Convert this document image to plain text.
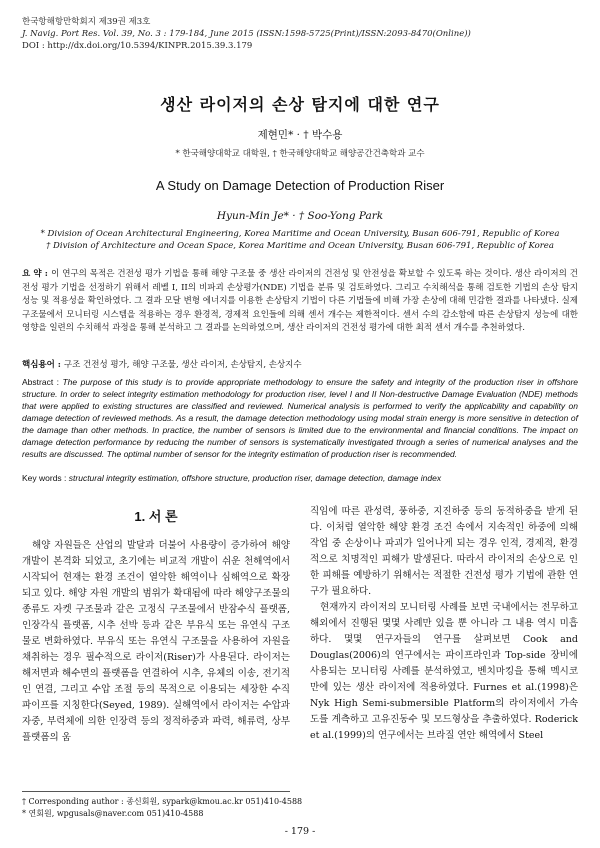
한국항해항만학회지 제39권 제3호
J. Navig. Port Res. Vol. 39, No. 3 : 179-184, June 2015 (ISSN:1598-5725(Print)/ISSN:2093-8470(Online))
DOI : http://dx.doi.org/10.5394/KINPR.2015.39.3.179
생산 라이저의 손상 탐지에 대한 연구
제현민* · † 박수용
* 한국해양대학교 대학원, † 한국해양대학교 해양공간건축학과 교수
A Study on Damage Detection of Production Riser
Hyun-Min Je* · † Soo-Yong Park
* Division of Ocean Architectural Engineering, Korea Maritime and Ocean University, Busan 606-791, Republic of Korea
† Division of Architecture and Ocean Space, Korea Maritime and Ocean University, Busan 606-791, Republic of Korea
요 약 : 이 연구의 목적은 건전성 평가 기법을 통해 해양 구조물 중 생산 라이저의 건전성 및 안전성을 확보할 수 있도록 하는 것이다. 생산 라이저의 건전성 평가 기법을 선정하기 위해서 레벨 I, II의 비파괴 손상평가(NDE) 기법을 분류 및 검토하였다. 그리고 수치해석을 통해 검토한 기법의 손상 탐지 성능 및 적용성을 확인하였다. 그 결과 모달 변형 에너지를 이용한 손상탐지 기법이 다른 기법들에 비해 가장 손상에 대해 민감한 결과를 나타냈다. 실제 구조물에서 모니터링 시스템을 적용하는 경우 환경적, 경제적 요인들에 의해 센서 개수는 제한적이다. 센서 수의 감소함에 따른 손상탐지 성능에 대한 영향을 일련의 수치해석 과정을 통해 분석하고 그 결과를 논의하였으며, 생산 라이저의 건전성 평가에 대한 최적 센서 개수를 추천하였다.
핵심용어 : 구조 건전성 평가, 해양 구조물, 생산 라이저, 손상탐지, 손상지수
Abstract : The purpose of this study is to provide appropriate methodology to ensure the safety and integrity of the production riser in offshore structure. In order to select integrity estimation methodology for production riser, level I and II Non-destructive Damage Evaluation (NDE) methods that were applied to existing structures are classified and reviewed. Numerical analysis is performed to verify the applicability and capability on damage detection of reviewed methods. As a result, the damage detection methodology using modal strain energy is more sensitive in detection of the damage than other methods. In practice, the number of sensors is limited due to the environmental and financial conditions. The impact on damage detection performance by reducing the number of sensors is systematically investigated through a series of numerical analyses and the results are discussed. The optimal number of sensor for the integrity estimation of production riser is recommended.
Key words : structural integrity estimation, offshore structure, production riser, damage detection, damage index
1. 서 론
해양 자원들은 산업의 발달과 더불어 사용량이 증가하여 해양 개발이 본격화 되었고, 초기에는 비교적 개발이 쉬운 천해역에서 시작되어 현재는 환경 조건이 열악한 해역이나 심해역으로 확장되고 있다. 해양 자원 개발의 범위가 확대됨에 따라 해양구조물의 종류도 자켓 구조물과 같은 고정식 구조물에서 반잠수식 플랫폼, 인장각식 플랫폼, 시추 선박 등과 같은 부유식 또는 유연식 구조물로 변화하였다. 부유식 또는 유연식 구조물을 사용하여 자원을 채취하는 경우 필수적으로 라이저(Riser)가 사용된다. 라이저는 해저면과 해수면의 플랫폼을 연결하여 시추, 유체의 이송, 전기적인 연결, 그리고 수압 조절 등의 목적으로 이용되는 세장한 수직 파이프를 지칭한다(Seyed, 1989). 실해역에서 라이저는 수압과 자중, 부력체에 의한 인장력 등의 정적하중과 파력, 해류력, 상부 플랫폼의 움

직임에 따른 관성력, 풍하중, 지진하중 등의 동적하중을 받게 된다. 이처럼 열악한 해양 환경 조건 속에서 지속적인 하중에 의해 작업 중 손상이나 파괴가 일어나게 되는 경우 인적, 경제적, 환경적으로 치명적인 피해가 발생된다. 따라서 라이저의 손상으로 인한 피해를 예방하기 위해서는 적절한 건전성 평가 기법에 관한 연구가 필요하다.

현재까지 라이저의 모니터링 사례를 보면 국내에서는 전무하고 해외에서 진행된 몇몇 사례만 있을 뿐 아니라 그 내용 역시 미흡하다. 몇몇 연구자들의 연구를 살펴보면 Cook and Douglas(2006)의 연구에서는 파이프라인과 Top-side 장비에 사용되는 모니터링 사례를 분석하였고, 벤치마킹을 통해 멕시코만에 있는 생산 라이저에 적용하였다. Furnes et al.(1998)은 Nyk High Semi-submersible Platform의 라이저에서 가속도를 계측하고 고유진동수 및 모드형상을 추출하였다. Roderick et al.(1999)의 연구에서는 브라질 연안 해역에서 Steel

† Corresponding author : 종신회원, sypark@kmou.ac.kr 051)410-4588
* 연회원, wpgusals@naver.com 051)410-4588
- 179 -
